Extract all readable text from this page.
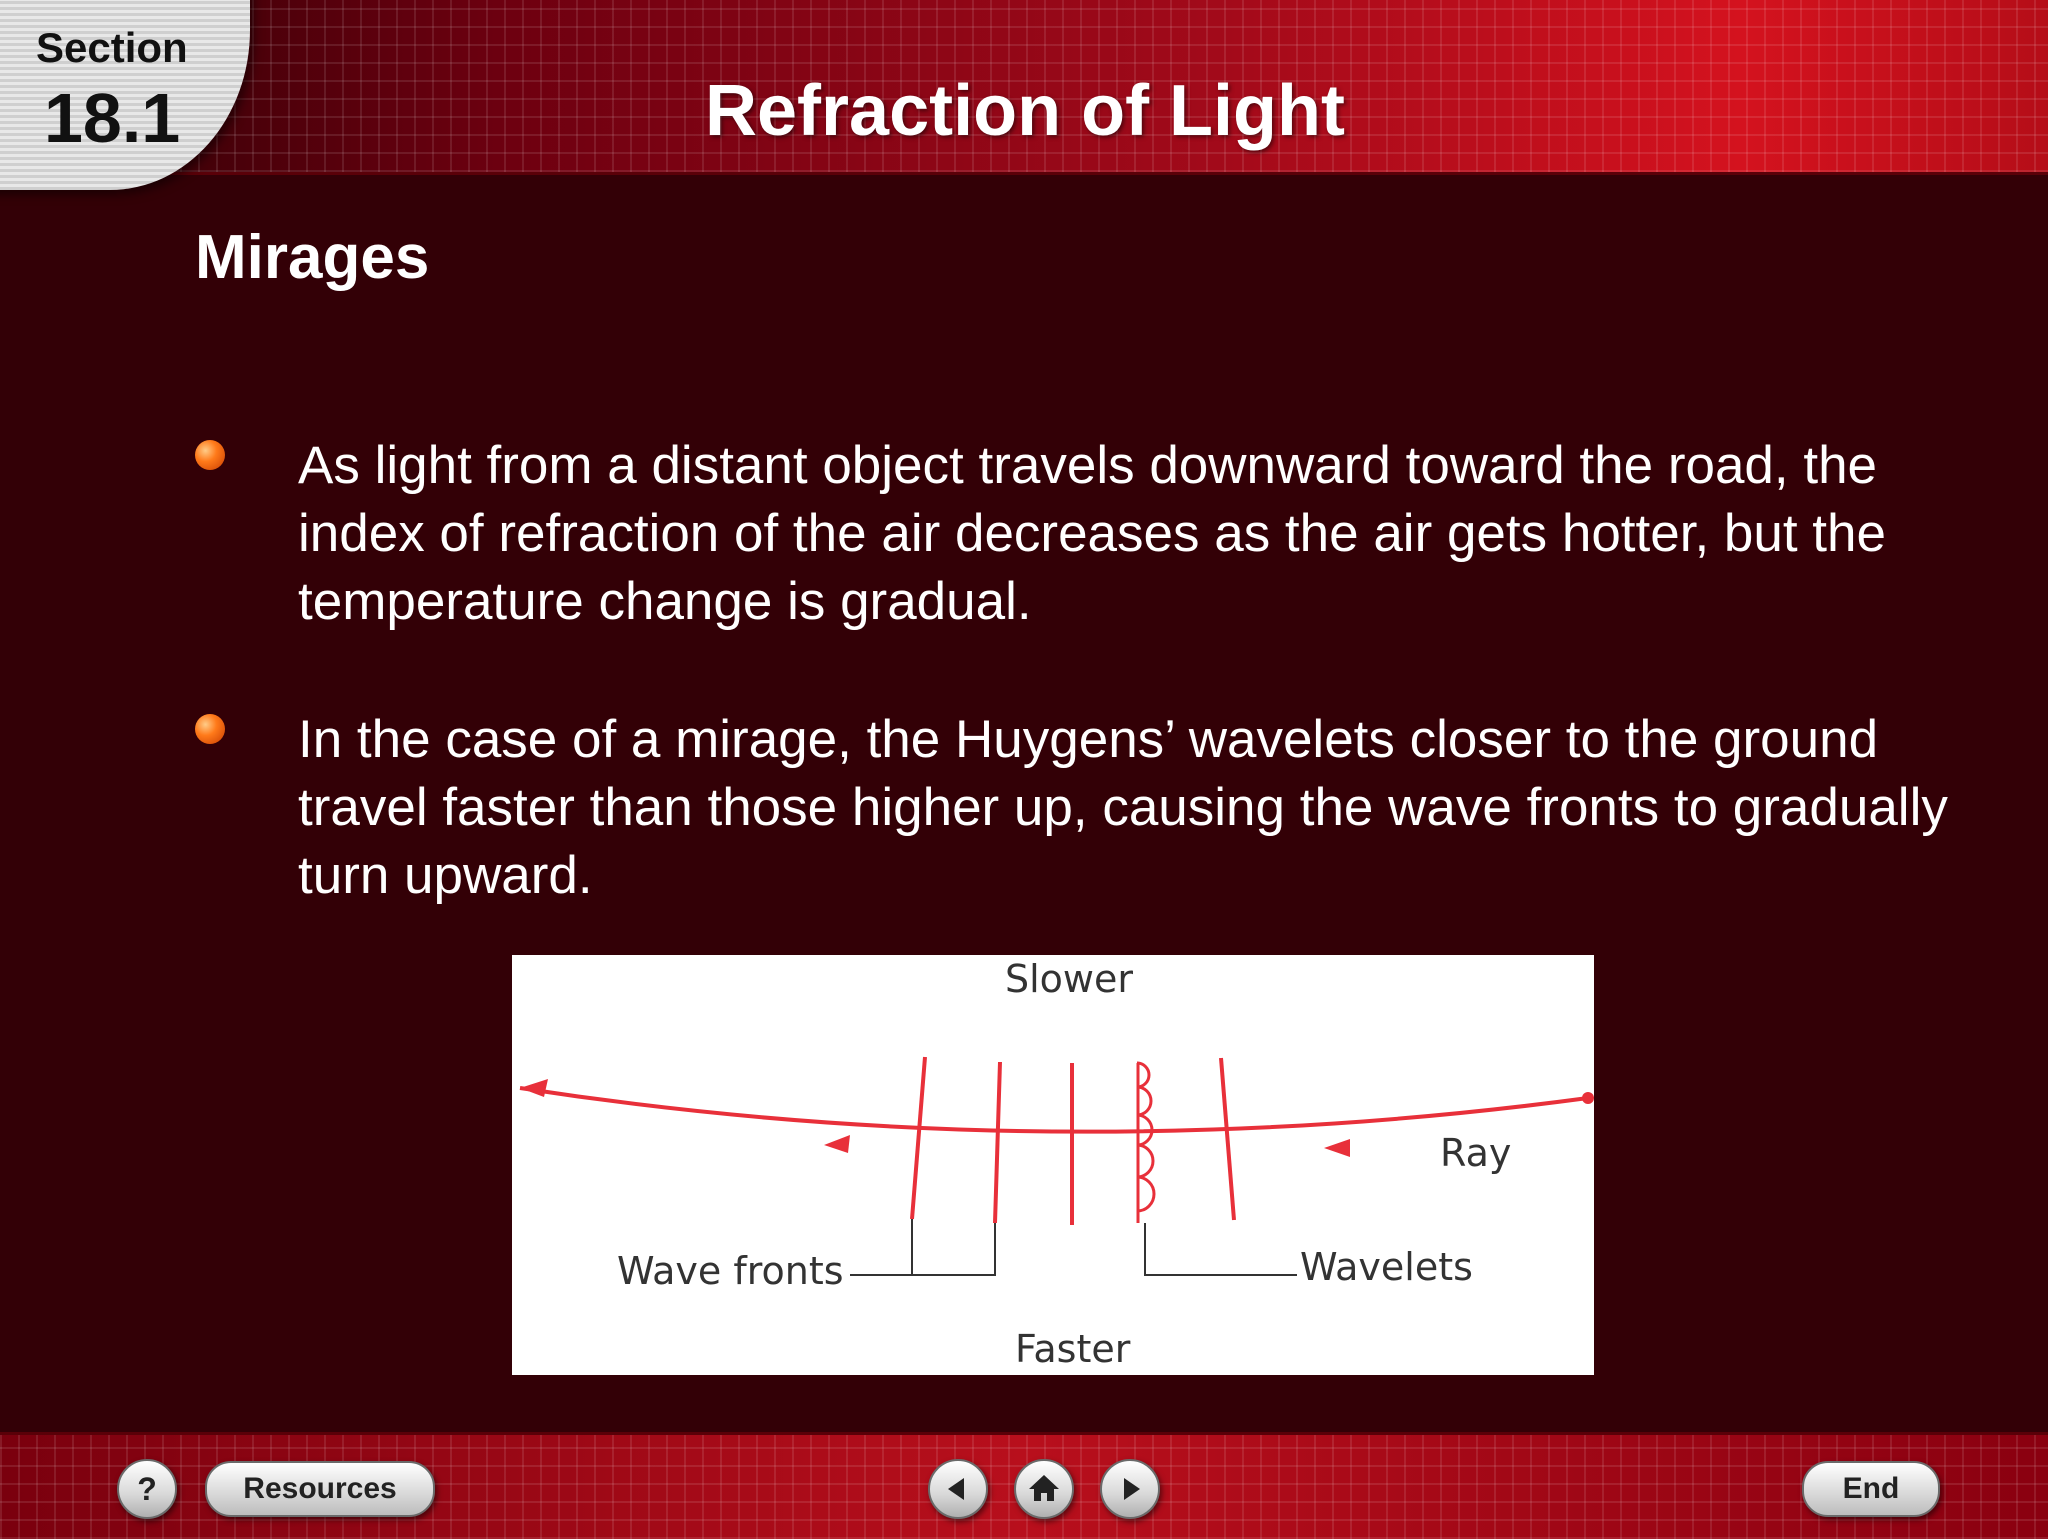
Section
18.1	Refraction of Light
Mirages
As light from a distant object travels downward toward the road, the index of refraction of the air decreases as the air gets hotter, but the temperature change is gradual.
In the case of a mirage, the Huygens’ wavelets closer to the ground travel faster than those higher up, causing the wave fronts to gradually turn upward.
Slower
Faster
Ray
Wave fronts	Wavelets
?	Resources	End
